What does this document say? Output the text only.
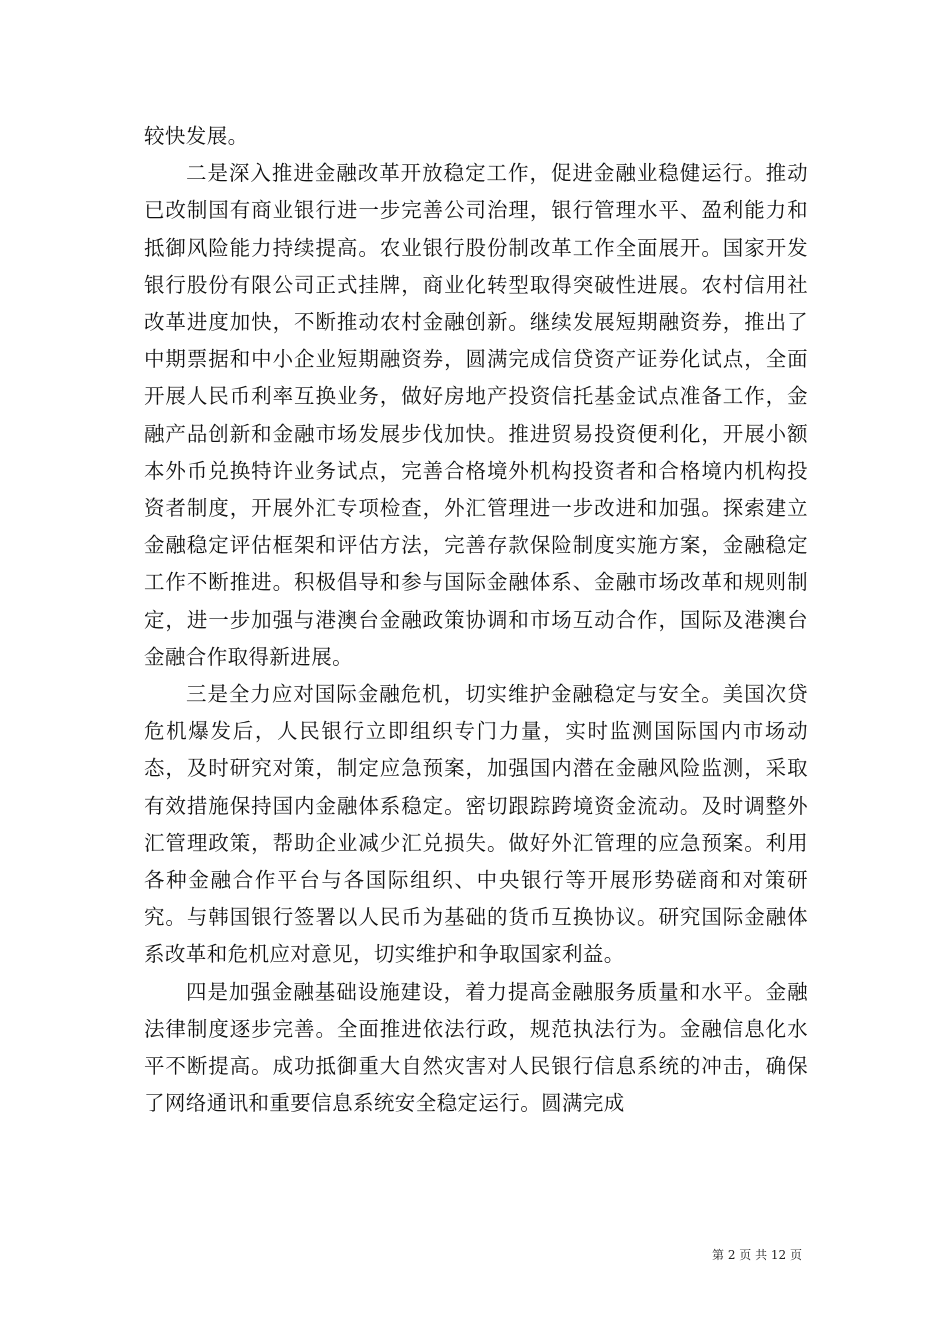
较快发展。

二是深入推进金融改革开放稳定工作，促进金融业稳健运行。推动已改制国有商业银行进一步完善公司治理，银行管理水平、盈利能力和抵御风险能力持续提高。农业银行股份制改革工作全面展开。国家开发银行股份有限公司正式挂牌，商业化转型取得突破性进展。农村信用社改革进度加快，不断推动农村金融创新。继续发展短期融资券，推出了中期票据和中小企业短期融资券，圆满完成信贷资产证券化试点，全面开展人民币利率互换业务，做好房地产投资信托基金试点准备工作，金融产品创新和金融市场发展步伐加快。推进贸易投资便利化，开展小额本外币兑换特许业务试点，完善合格境外机构投资者和合格境内机构投资者制度，开展外汇专项检查，外汇管理进一步改进和加强。探索建立金融稳定评估框架和评估方法，完善存款保险制度实施方案，金融稳定工作不断推进。积极倡导和参与国际金融体系、金融市场改革和规则制定，进一步加强与港澳台金融政策协调和市场互动合作，国际及港澳台金融合作取得新进展。

三是全力应对国际金融危机，切实维护金融稳定与安全。美国次贷危机爆发后，人民银行立即组织专门力量，实时监测国际国内市场动态，及时研究对策，制定应急预案，加强国内潜在金融风险监测，采取有效措施保持国内金融体系稳定。密切跟踪跨境资金流动。及时调整外汇管理政策，帮助企业减少汇兑损失。做好外汇管理的应急预案。利用各种金融合作平台与各国际组织、中央银行等开展形势磋商和对策研究。与韩国银行签署以人民币为基础的货币互换协议。研究国际金融体系改革和危机应对意见，切实维护和争取国家利益。

四是加强金融基础设施建设，着力提高金融服务质量和水平。金融法律制度逐步完善。全面推进依法行政，规范执法行为。金融信息化水平不断提高。成功抵御重大自然灾害对人民银行信息系统的冲击，确保了网络通讯和重要信息系统安全稳定运行。圆满完成

第 2 页 共 12 页
